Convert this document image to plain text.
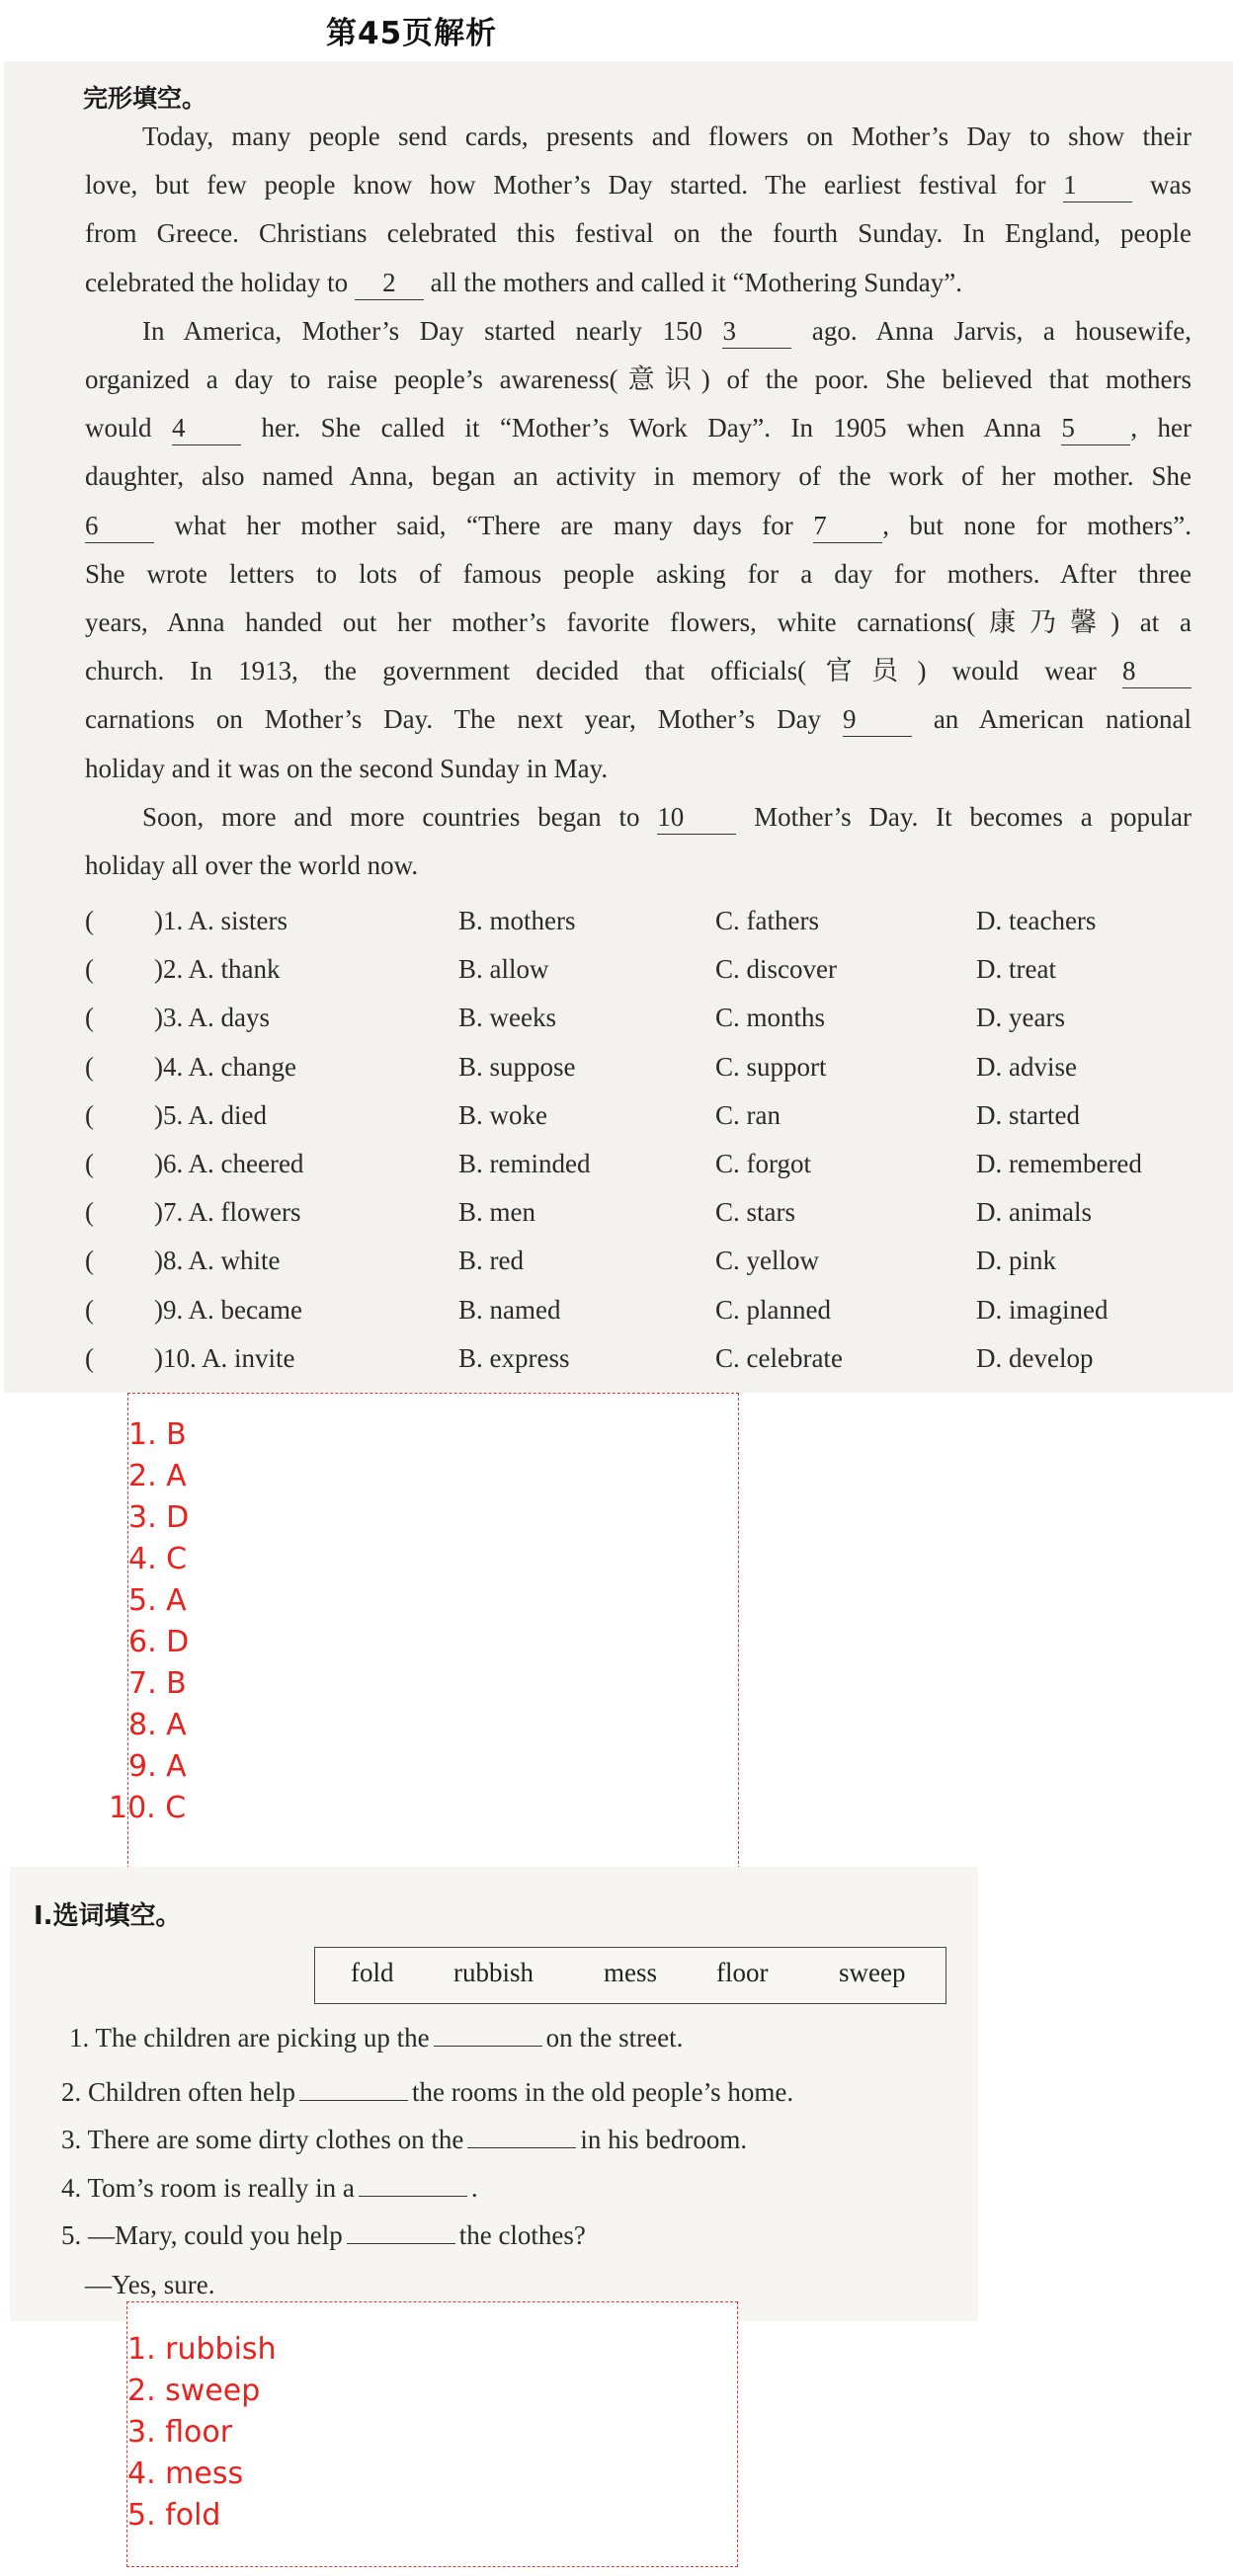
第45页解析
完形填空。
Today, many people send cards, presents and flowers on Mother’s Day to show their
love, but few people know how Mother’s Day started. The earliest festival for 1 was
from Greece. Christians celebrated this festival on the fourth Sunday. In England, people
celebrated the holiday to 2 all the mothers and called it “Mothering Sunday”.
In America, Mother’s Day started nearly 150 3 ago. Anna Jarvis, a housewife,
organized a day to raise people’s awareness(意识) of the poor. She believed that mothers
would 4 her. She called it “Mother’s Work Day”. In 1905 when Anna 5 , her
daughter, also named Anna, began an activity in memory of the work of her mother. She
6 what her mother said, “There are many days for 7 , but none for mothers”.
She wrote letters to lots of famous people asking for a day for mothers. After three
years, Anna handed out her mother’s favorite flowers, white carnations(康乃馨) at a
church. In 1913, the government decided that officials(官员) would wear 8
carnations on Mother’s Day. The next year, Mother’s Day 9 an American national
holiday and it was on the second Sunday in May.
Soon, more and more countries began to 10 Mother’s Day. It becomes a popular
holiday all over the world now.
( )1. A. sisters	B. mothers	C. fathers	D. teachers
( )2. A. thank	B. allow	C. discover	D. treat
( )3. A. days	B. weeks	C. months	D. years
( )4. A. change	B. suppose	C. support	D. advise
( )5. A. died	B. woke	C. ran	D. started
( )6. A. cheered	B. reminded	C. forgot	D. remembered
( )7. A. flowers	B. men	C. stars	D. animals
( )8. A. white	B. red	C. yellow	D. pink
( )9. A. became	B. named	C. planned	D. imagined
( )10. A. invite	B. express	C. celebrate	D. develop
1. B
2. A
3. D
4. C
5. A
6. D
7. B
8. A
9. A
10. C
Ⅰ.选词填空。
fold rubbish	mess floor	sweep
1. The children are picking up the	on the street.
2. Children often help	the rooms in the old people’s home.
3. There are some dirty clothes on the	in his bedroom.
4. Tom’s room is really in a	.
5. —Mary, could you help	the clothes?
—Yes, sure.
1. rubbish
2. sweep
3. floor
4. mess
5. fold
